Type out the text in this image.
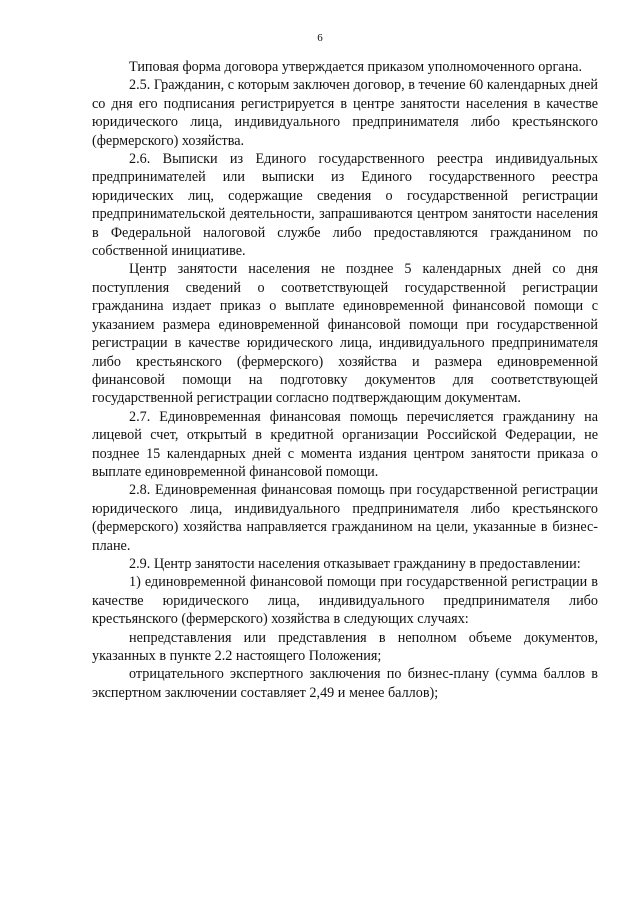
6

Типовая форма договора утверждается приказом уполномоченного органа.

2.5. Гражданин, с которым заключен договор, в течение 60 календарных дней со дня его подписания регистрируется в центре занятости населения в качестве юридического лица, индивидуального предпринимателя либо крестьянского (фермерского) хозяйства.

2.6. Выписки из Единого государственного реестра индивидуальных предпринимателей или выписки из Единого государственного реестра юридических лиц, содержащие сведения о государственной регистрации предпринимательской деятельности, запрашиваются центром занятости населения в Федеральной налоговой службе либо предоставляются гражданином по собственной инициативе.

Центр занятости населения не позднее 5 календарных дней со дня поступления сведений о соответствующей государственной регистрации гражданина издает приказ о выплате единовременной финансовой помощи с указанием размера единовременной финансовой помощи при государственной регистрации в качестве юридического лица, индивидуального предпринимателя либо крестьянского (фермерского) хозяйства и размера единовременной финансовой помощи на подготовку документов для соответствующей государственной регистрации согласно подтверждающим документам.

2.7. Единовременная финансовая помощь перечисляется гражданину на лицевой счет, открытый в кредитной организации Российской Федерации, не позднее 15 календарных дней с момента издания центром занятости приказа о выплате единовременной финансовой помощи.

2.8. Единовременная финансовая помощь при государственной регистрации юридического лица, индивидуального предпринимателя либо крестьянского (фермерского) хозяйства направляется гражданином на цели, указанные в бизнес-плане.

2.9. Центр занятости населения отказывает гражданину в предоставлении:

1) единовременной финансовой помощи при государственной регистрации в качестве юридического лица, индивидуального предпринимателя либо крестьянского (фермерского) хозяйства в следующих случаях:

непредставления или представления в неполном объеме документов, указанных в пункте 2.2 настоящего Положения;

отрицательного экспертного заключения по бизнес-плану (сумма баллов в экспертном заключении составляет 2,49 и менее баллов);
